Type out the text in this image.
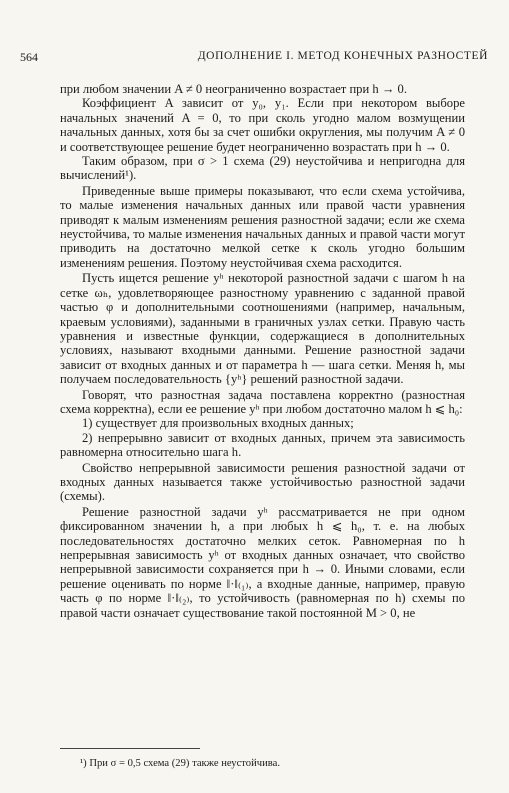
564	ДОПОЛНЕНИЕ I. МЕТОД КОНЕЧНЫХ РАЗНОСТЕЙ

при любом значении A ≠ 0 неограниченно возрастает при h → 0.

Коэффициент A зависит от y₀, y₁. Если при некотором выборе начальных значений A = 0, то при сколь угодно малом возмущении начальных данных, хотя бы за счет ошибки округления, мы получим A ≠ 0 и соответствующее решение будет неограниченно возрастать при h → 0.

Таким образом, при σ > 1 схема (29) неустойчива и непригодна для вычислений¹).

Приведенные выше примеры показывают, что если схема устойчива, то малые изменения начальных данных или правой части уравнения приводят к малым изменениям решения разностной задачи; если же схема неустойчива, то малые изменения начальных данных и правой части могут приводить на достаточно мелкой сетке к сколь угодно большим изменениям решения. Поэтому неустойчивая схема расходится.

Пусть ищется решение yʰ некоторой разностной задачи с шагом h на сетке ωₕ, удовлетворяющее разностному уравнению с заданной правой частью φ и дополнительными соотношениями (например, начальным, краевым условиями), заданными в граничных узлах сетки. Правую часть уравнения и известные функции, содержащиеся в дополнительных условиях, называют входными данными. Решение разностной задачи зависит от входных данных и от параметра h — шага сетки. Меняя h, мы получаем последовательность {yʰ} решений разностной задачи.

Говорят, что разностная задача поставлена корректно (разностная схема корректна), если ее решение yʰ при любом достаточно малом h ⩽ h₀:

1) существует для произвольных входных данных;

2) непрерывно зависит от входных данных, причем эта зависимость равномерна относительно шага h.

Свойство непрерывной зависимости решения разностной задачи от входных данных называется также устойчивостью разностной задачи (схемы).

Решение разностной задачи yʰ рассматривается не при одном фиксированном значении h, а при любых h ⩽ h₀, т. е. на любых последовательностях достаточно мелких сеток. Равномерная по h непрерывная зависимость yʰ от входных данных означает, что свойство непрерывной зависимости сохраняется при h → 0. Иными словами, если решение оценивать по норме ‖·‖₍₁₎, а входные данные, например, правую часть φ по норме ‖·‖₍₂₎, то устойчивость (равномерная по h) схемы по правой части означает существование такой постоянной M > 0, не

¹) При σ = 0,5 схема (29) также неустойчива.
